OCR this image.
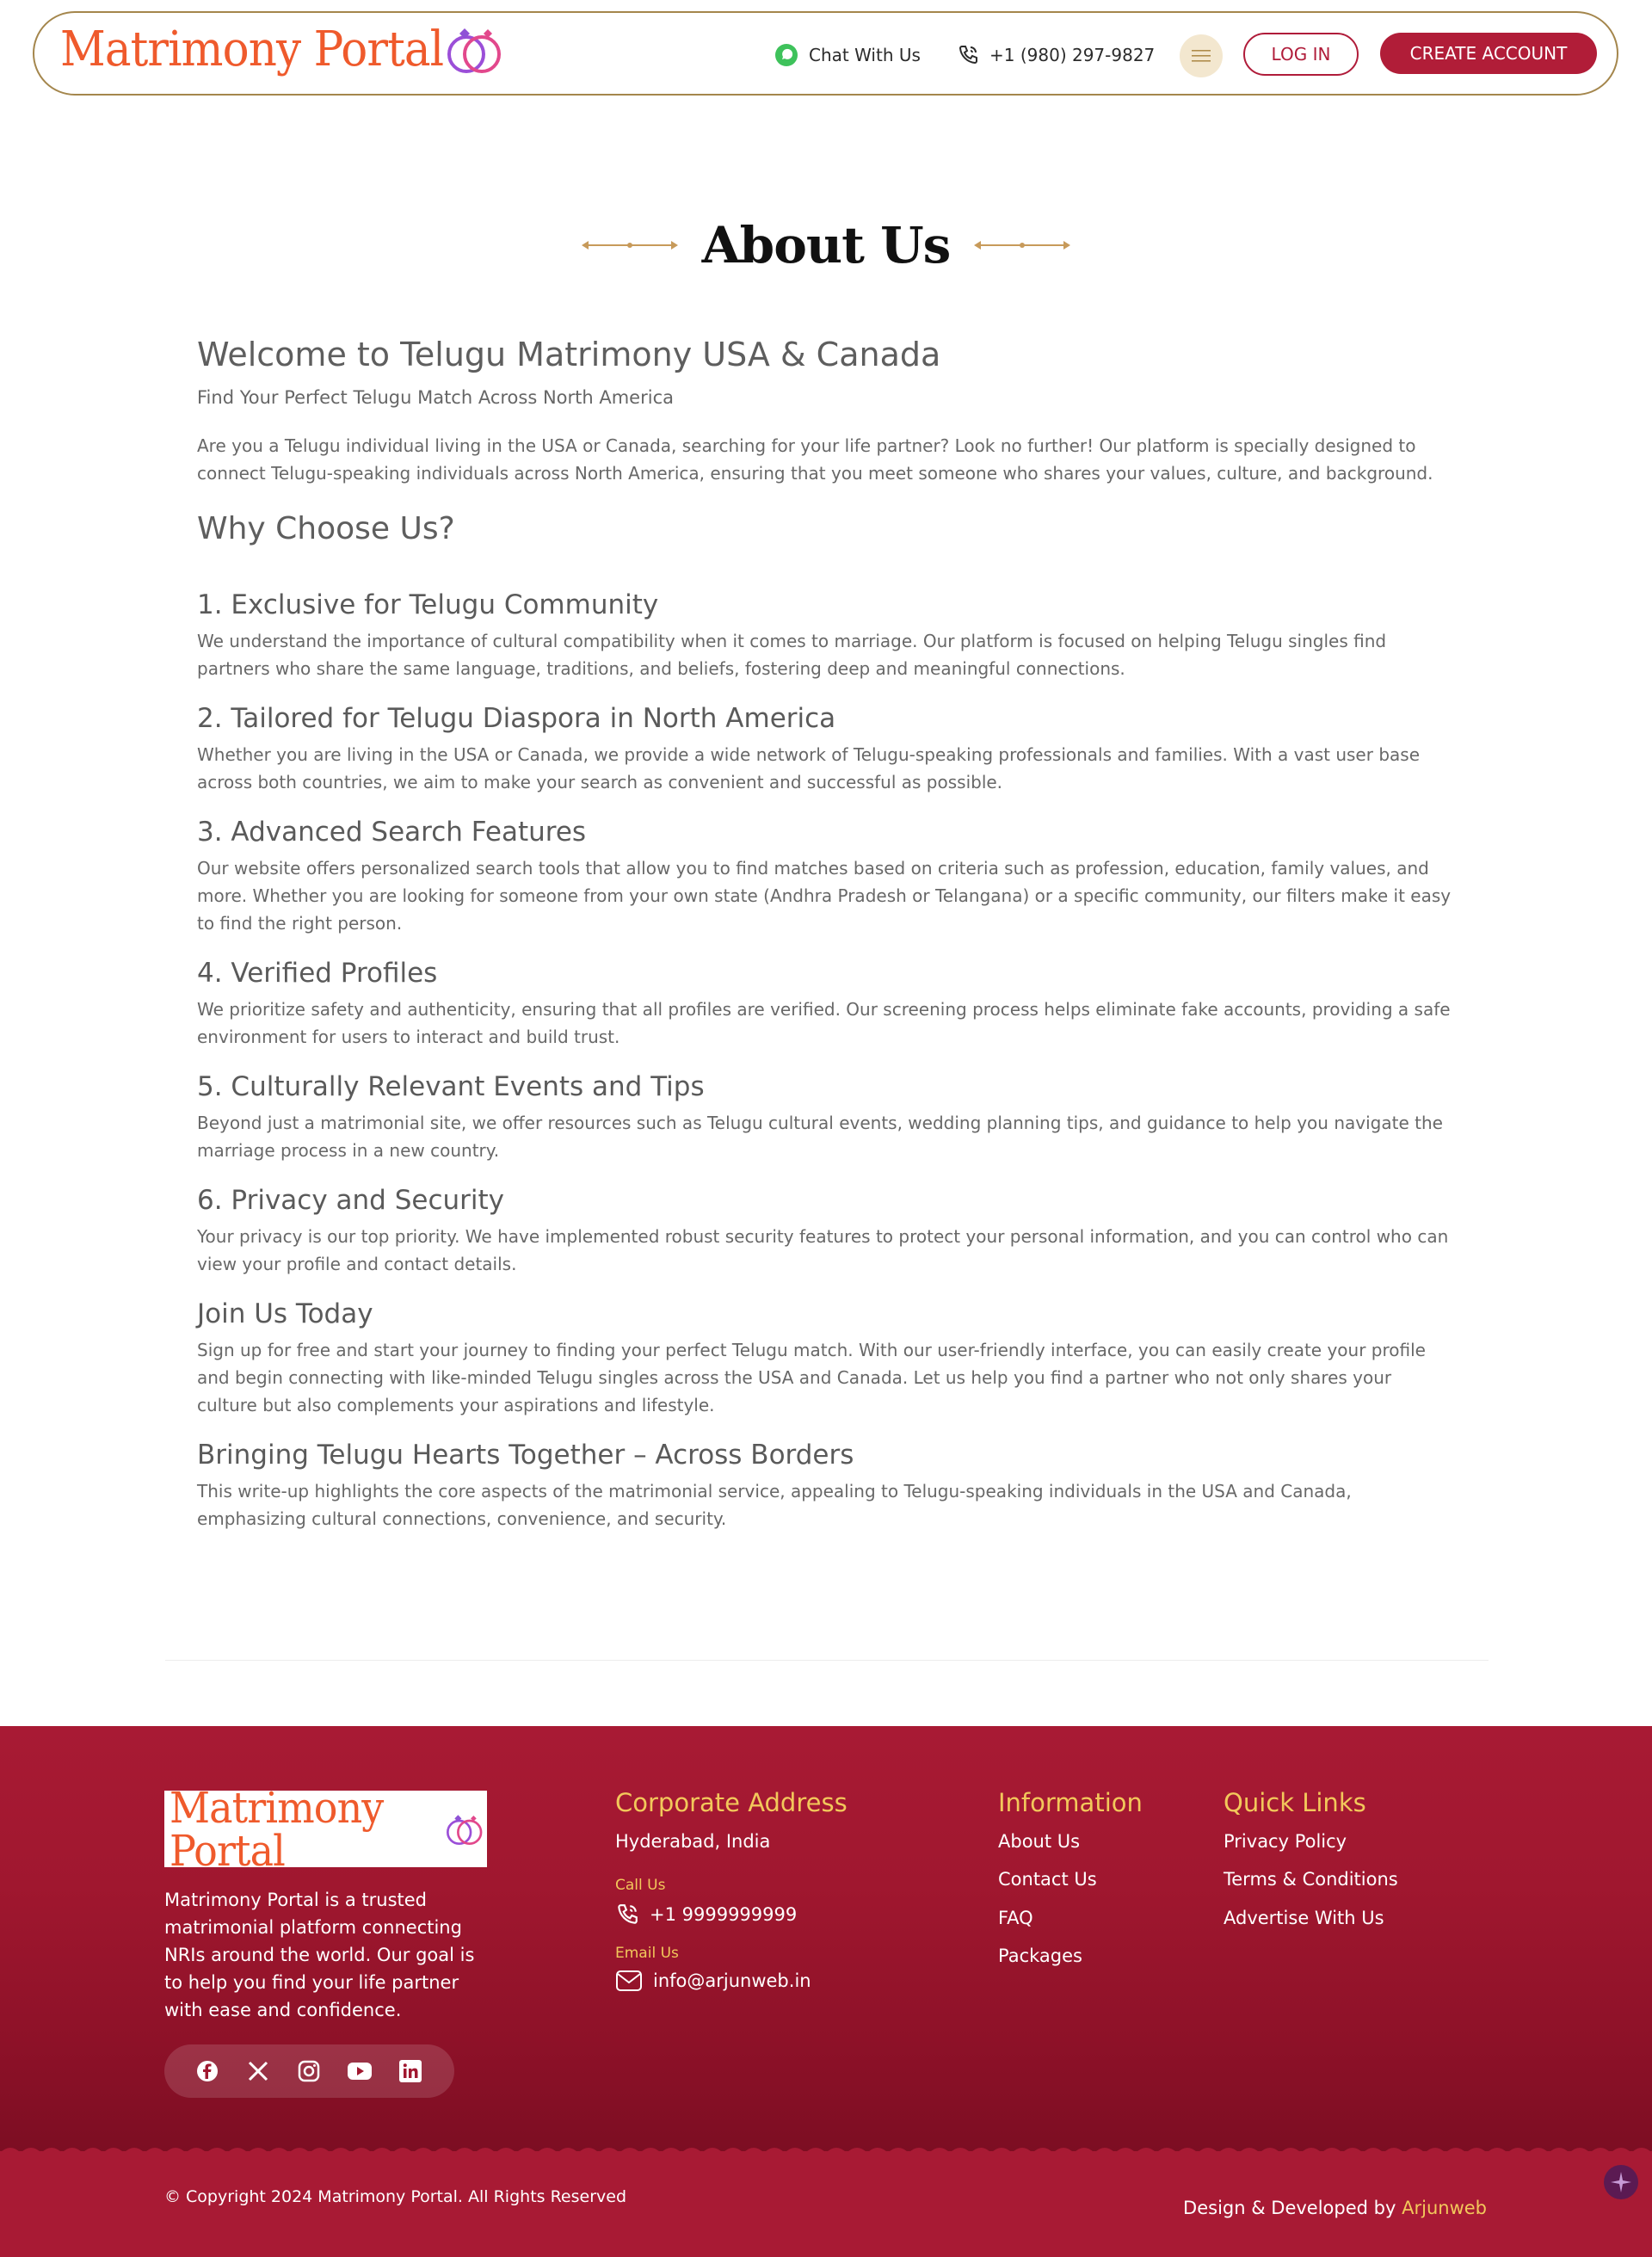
Matrimony Portal	Chat With Us	+1 (980) 297-9827	LOG IN	CREATE ACCOUNT
About Us
Welcome to Telugu Matrimony USA & Canada
Find Your Perfect Telugu Match Across North America

Are you a Telugu individual living in the USA or Canada, searching for your life partner? Look no further! Our platform is specially designed to connect Telugu-speaking individuals across North America, ensuring that you meet someone who shares your values, culture, and background.

Why Choose Us?
1. Exclusive for Telugu Community

We understand the importance of cultural compatibility when it comes to marriage. Our platform is focused on helping Telugu singles find partners who share the same language, traditions, and beliefs, fostering deep and meaningful connections.

2. Tailored for Telugu Diaspora in North America

Whether you are living in the USA or Canada, we provide a wide network of Telugu-speaking professionals and families. With a vast user base across both countries, we aim to make your search as convenient and successful as possible.

3. Advanced Search Features

Our website offers personalized search tools that allow you to find matches based on criteria such as profession, education, family values, and more. Whether you are looking for someone from your own state (Andhra Pradesh or Telangana) or a specific community, our filters make it easy to find the right person.

4. Verified Profiles

We prioritize safety and authenticity, ensuring that all profiles are verified. Our screening process helps eliminate fake accounts, providing a safe environment for users to interact and build trust.

5. Culturally Relevant Events and Tips

Beyond just a matrimonial site, we offer resources such as Telugu cultural events, wedding planning tips, and guidance to help you navigate the marriage process in a new country.

6. Privacy and Security

Your privacy is our top priority. We have implemented robust security features to protect your personal information, and you can control who can view your profile and contact details.

Join Us Today

Sign up for free and start your journey to finding your perfect Telugu match. With our user-friendly interface, you can easily create your profile and begin connecting with like-minded Telugu singles across the USA and Canada. Let us help you find a partner who not only shares your culture but also complements your aspirations and lifestyle.

Bringing Telugu Hearts Together – Across Borders

This write-up highlights the core aspects of the matrimonial service, appealing to Telugu-speaking individuals in the USA and Canada, emphasizing cultural connections, convenience, and security.

Matrimony Portal

Matrimony Portal is a trusted matrimonial platform connecting NRIs around the world. Our goal is to help you find your life partner with ease and confidence.

Corporate Address
Hyderabad, India
Call Us
+1 9999999999
Email Us
info@arjunweb.in
Information
About Us
Contact Us
FAQ
Packages
Quick Links
Privacy Policy
Terms & Conditions
Advertise With Us
© Copyright 2024 Matrimony Portal. All Rights Reserved
Design & Developed by Arjunweb
